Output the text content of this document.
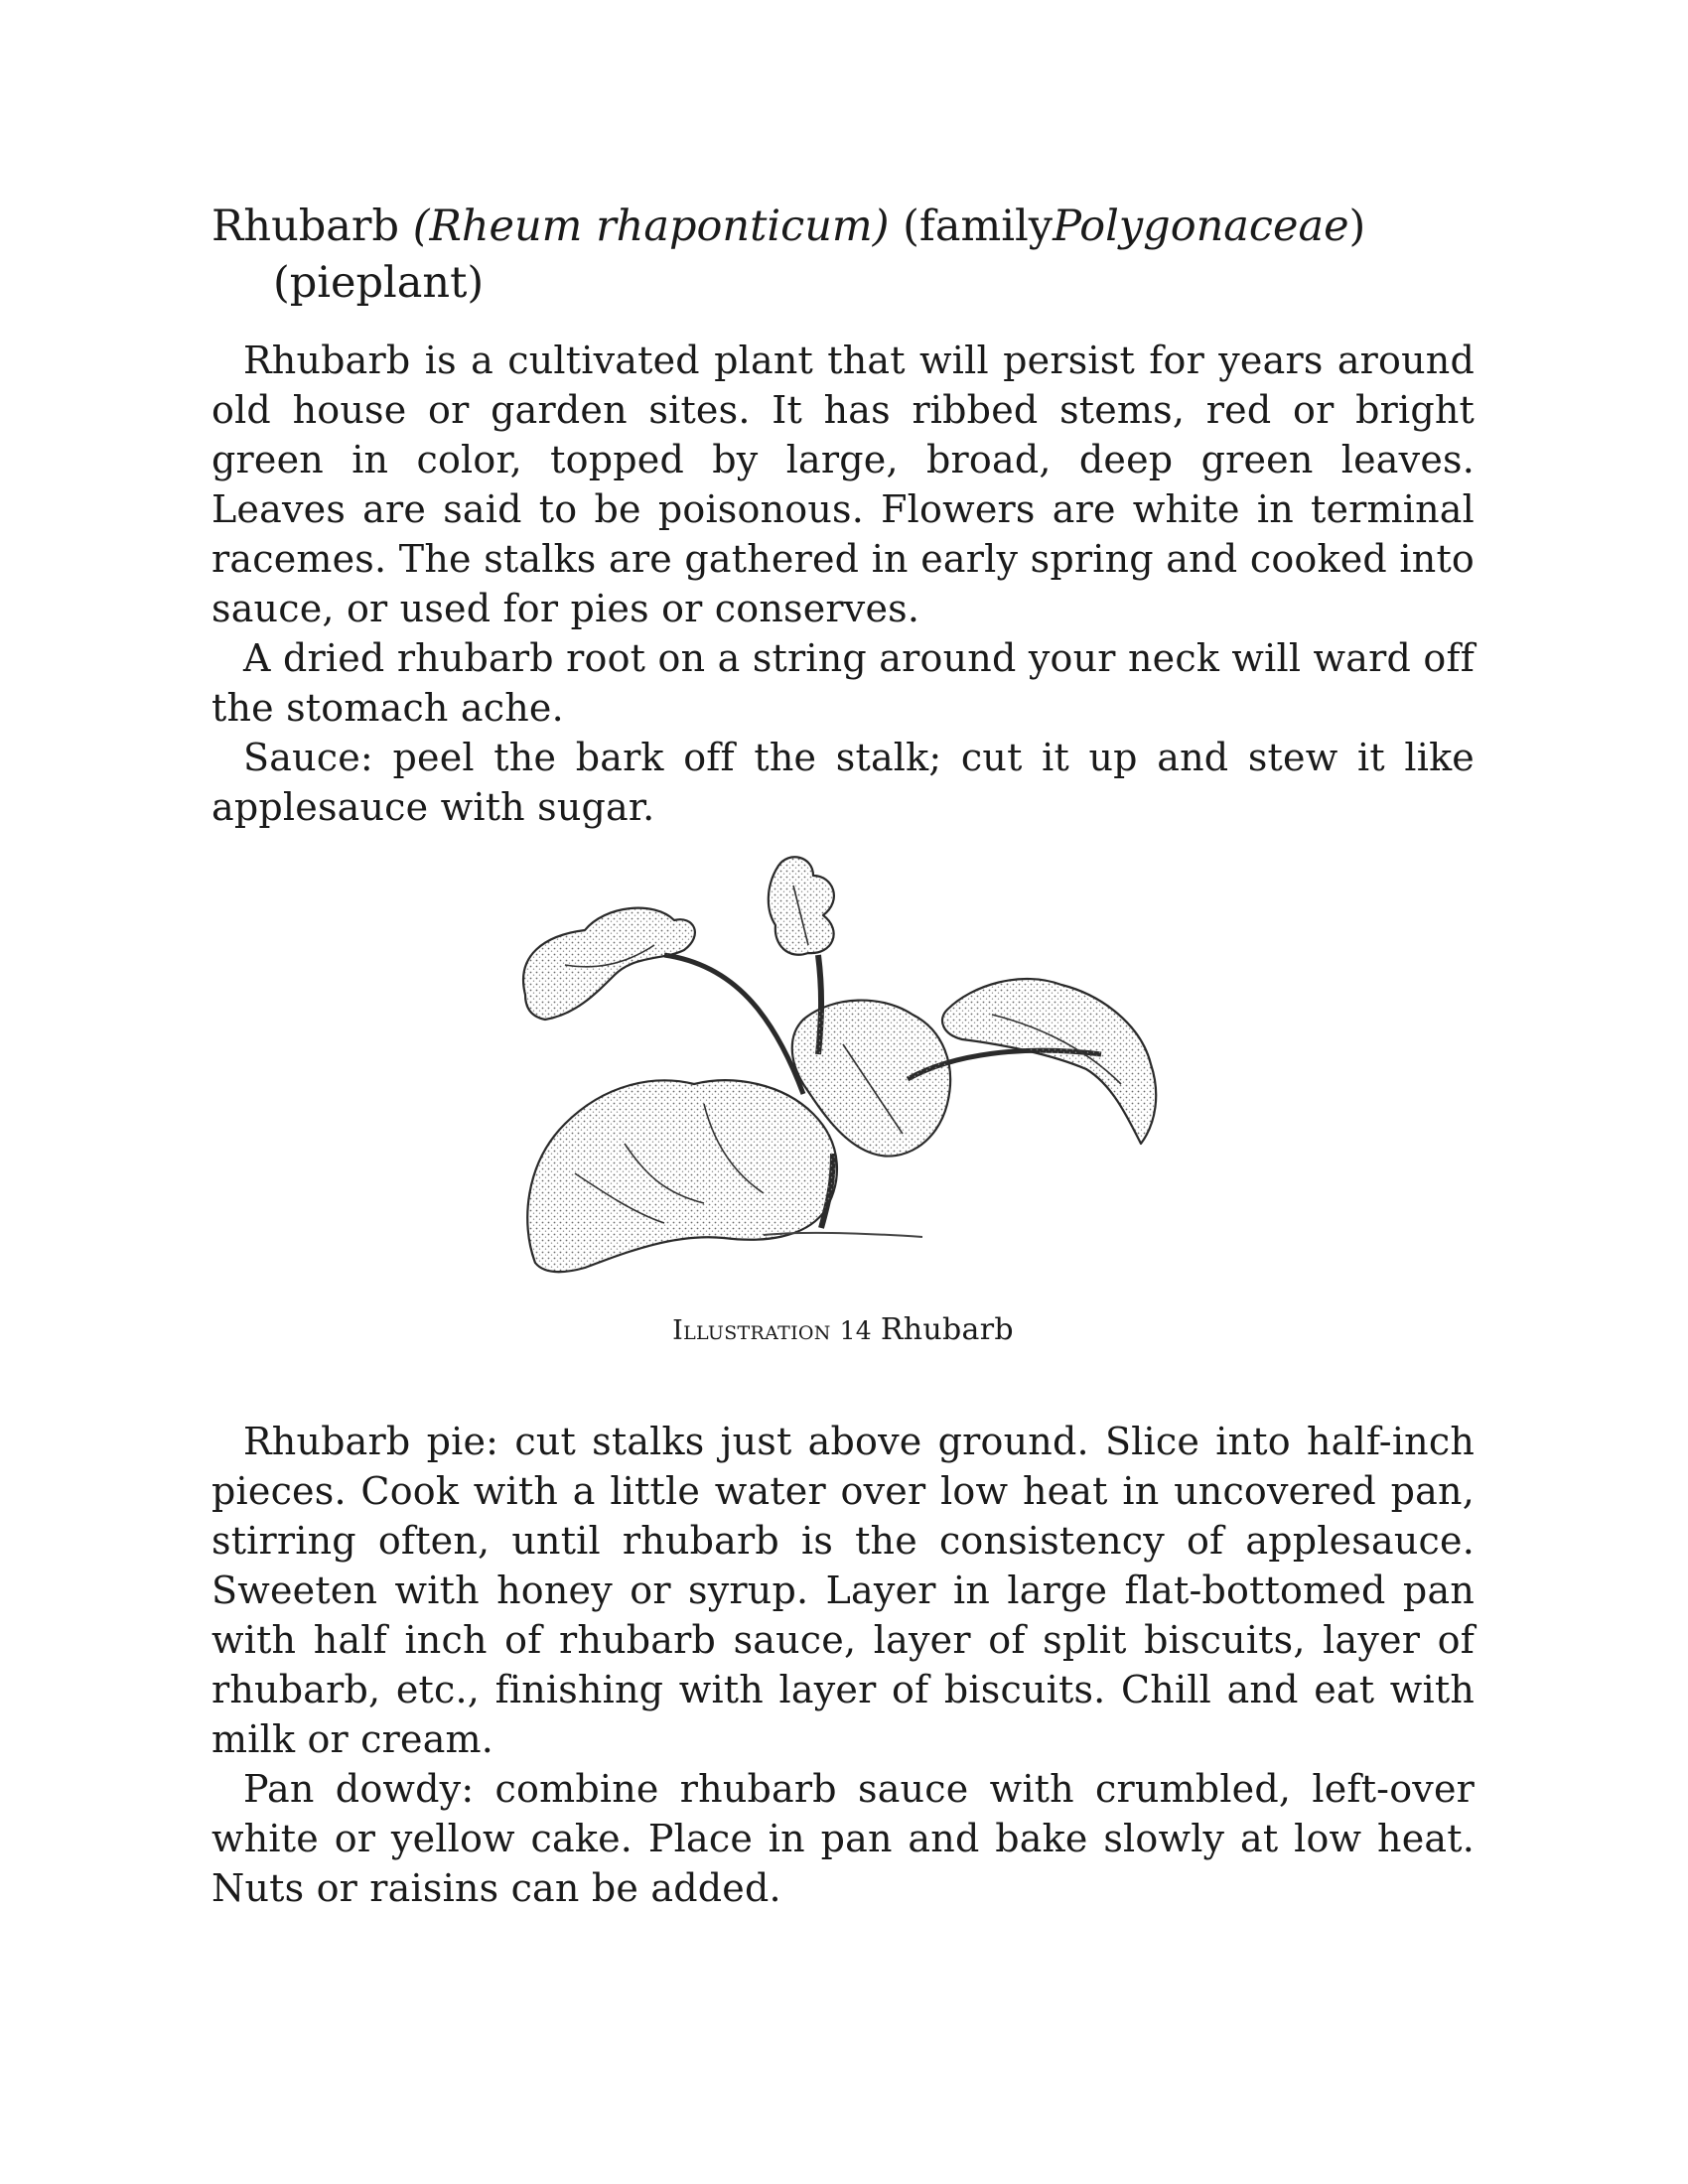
Rhubarb (Rheum rhaponticum) (familyPolygonaceae)
(pieplant)

Rhubarb is a cultivated plant that will persist for years around old house or garden sites. It has ribbed stems, red or bright green in color, topped by large, broad, deep green leaves. Leaves are said to be poisonous. Flowers are white in terminal racemes. The stalks are gathered in early spring and cooked into sauce, or used for pies or conserves.

A dried rhubarb root on a string around your neck will ward off the stomach ache.

Sauce: peel the bark off the stalk; cut it up and stew it like applesauce with sugar.

Illustration 14 Rhubarb

Rhubarb pie: cut stalks just above ground. Slice into half-inch pieces. Cook with a little water over low heat in uncovered pan, stirring often, until rhubarb is the consistency of applesauce. Sweeten with honey or syrup. Layer in large flat-bottomed pan with half inch of rhubarb sauce, layer of split biscuits, layer of rhubarb, etc., finishing with layer of biscuits. Chill and eat with milk or cream.

Pan dowdy: combine rhubarb sauce with crumbled, left-over white or yellow cake. Place in pan and bake slowly at low heat. Nuts or raisins can be added.
